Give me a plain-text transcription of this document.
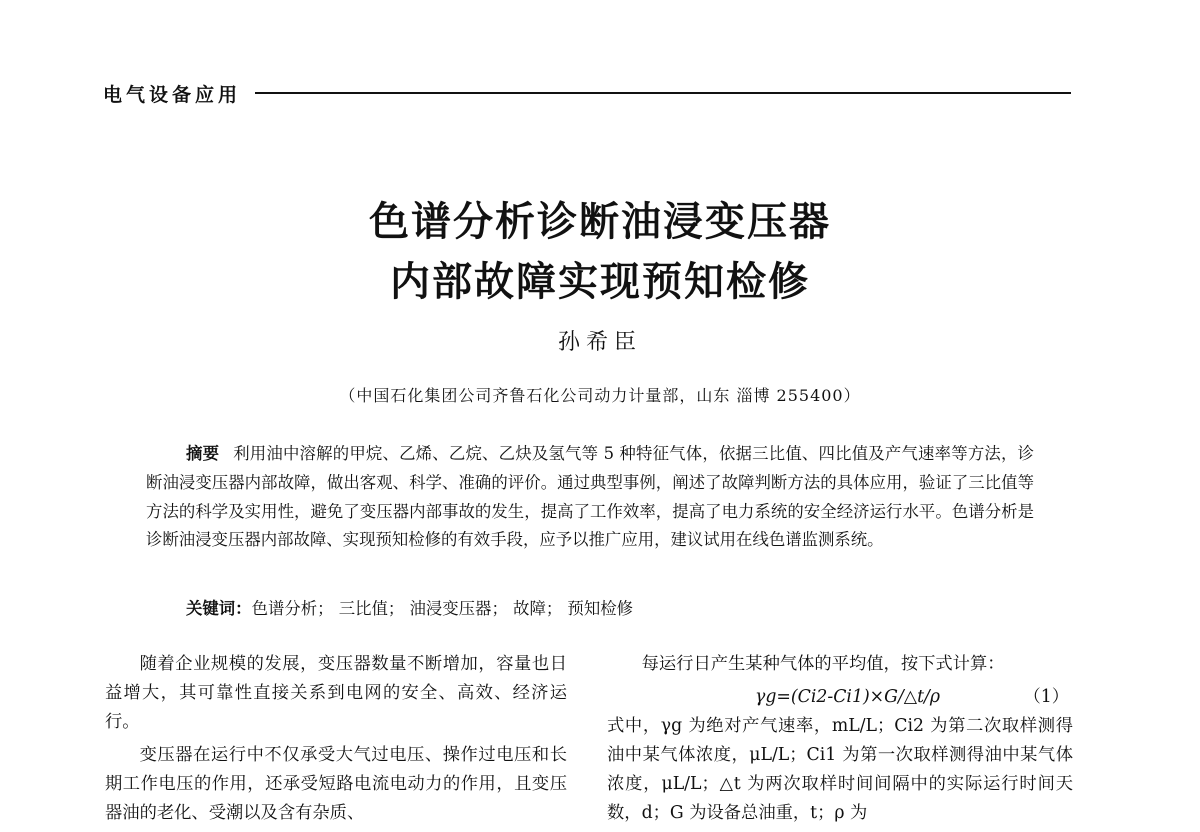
电气设备应用
色谱分析诊断油浸变压器
内部故障实现预知检修
孙希臣
（中国石化集团公司齐鲁石化公司动力计量部，山东 淄博 255400）
摘要 利用油中溶解的甲烷、乙烯、乙烷、乙炔及氢气等 5 种特征气体，依据三比值、四比值及产气速率等方法，诊断油浸变压器内部故障，做出客观、科学、准确的评价。通过典型事例，阐述了故障判断方法的具体应用，验证了三比值等方法的科学及实用性，避免了变压器内部事故的发生，提高了工作效率，提高了电力系统的安全经济运行水平。色谱分析是诊断油浸变压器内部故障、实现预知检修的有效手段，应予以推广应用，建议试用在线色谱监测系统。
关键词：色谱分析； 三比值； 油浸变压器； 故障； 预知检修

随着企业规模的发展，变压器数量不断增加，容量也日益增大，其可靠性直接关系到电网的安全、高效、经济运行。

变压器在运行中不仅承受大气过电压、操作过电压和长期工作电压的作用，还承受短路电流电动力的作用，且变压器油的老化、受潮以及含有杂质、

每运行日产生某种气体的平均值，按下式计算：

γg=(Ci2-Ci1)×G/△t/ρ	（1）

式中，γg 为绝对产气速率，mL/L；Ci2 为第二次取样测得油中某气体浓度，μL/L；Ci1 为第一次取样测得油中某气体浓度，μL/L；△t 为两次取样时间间隔中的实际运行时间天数，d；G 为设备总油重，t；ρ 为
